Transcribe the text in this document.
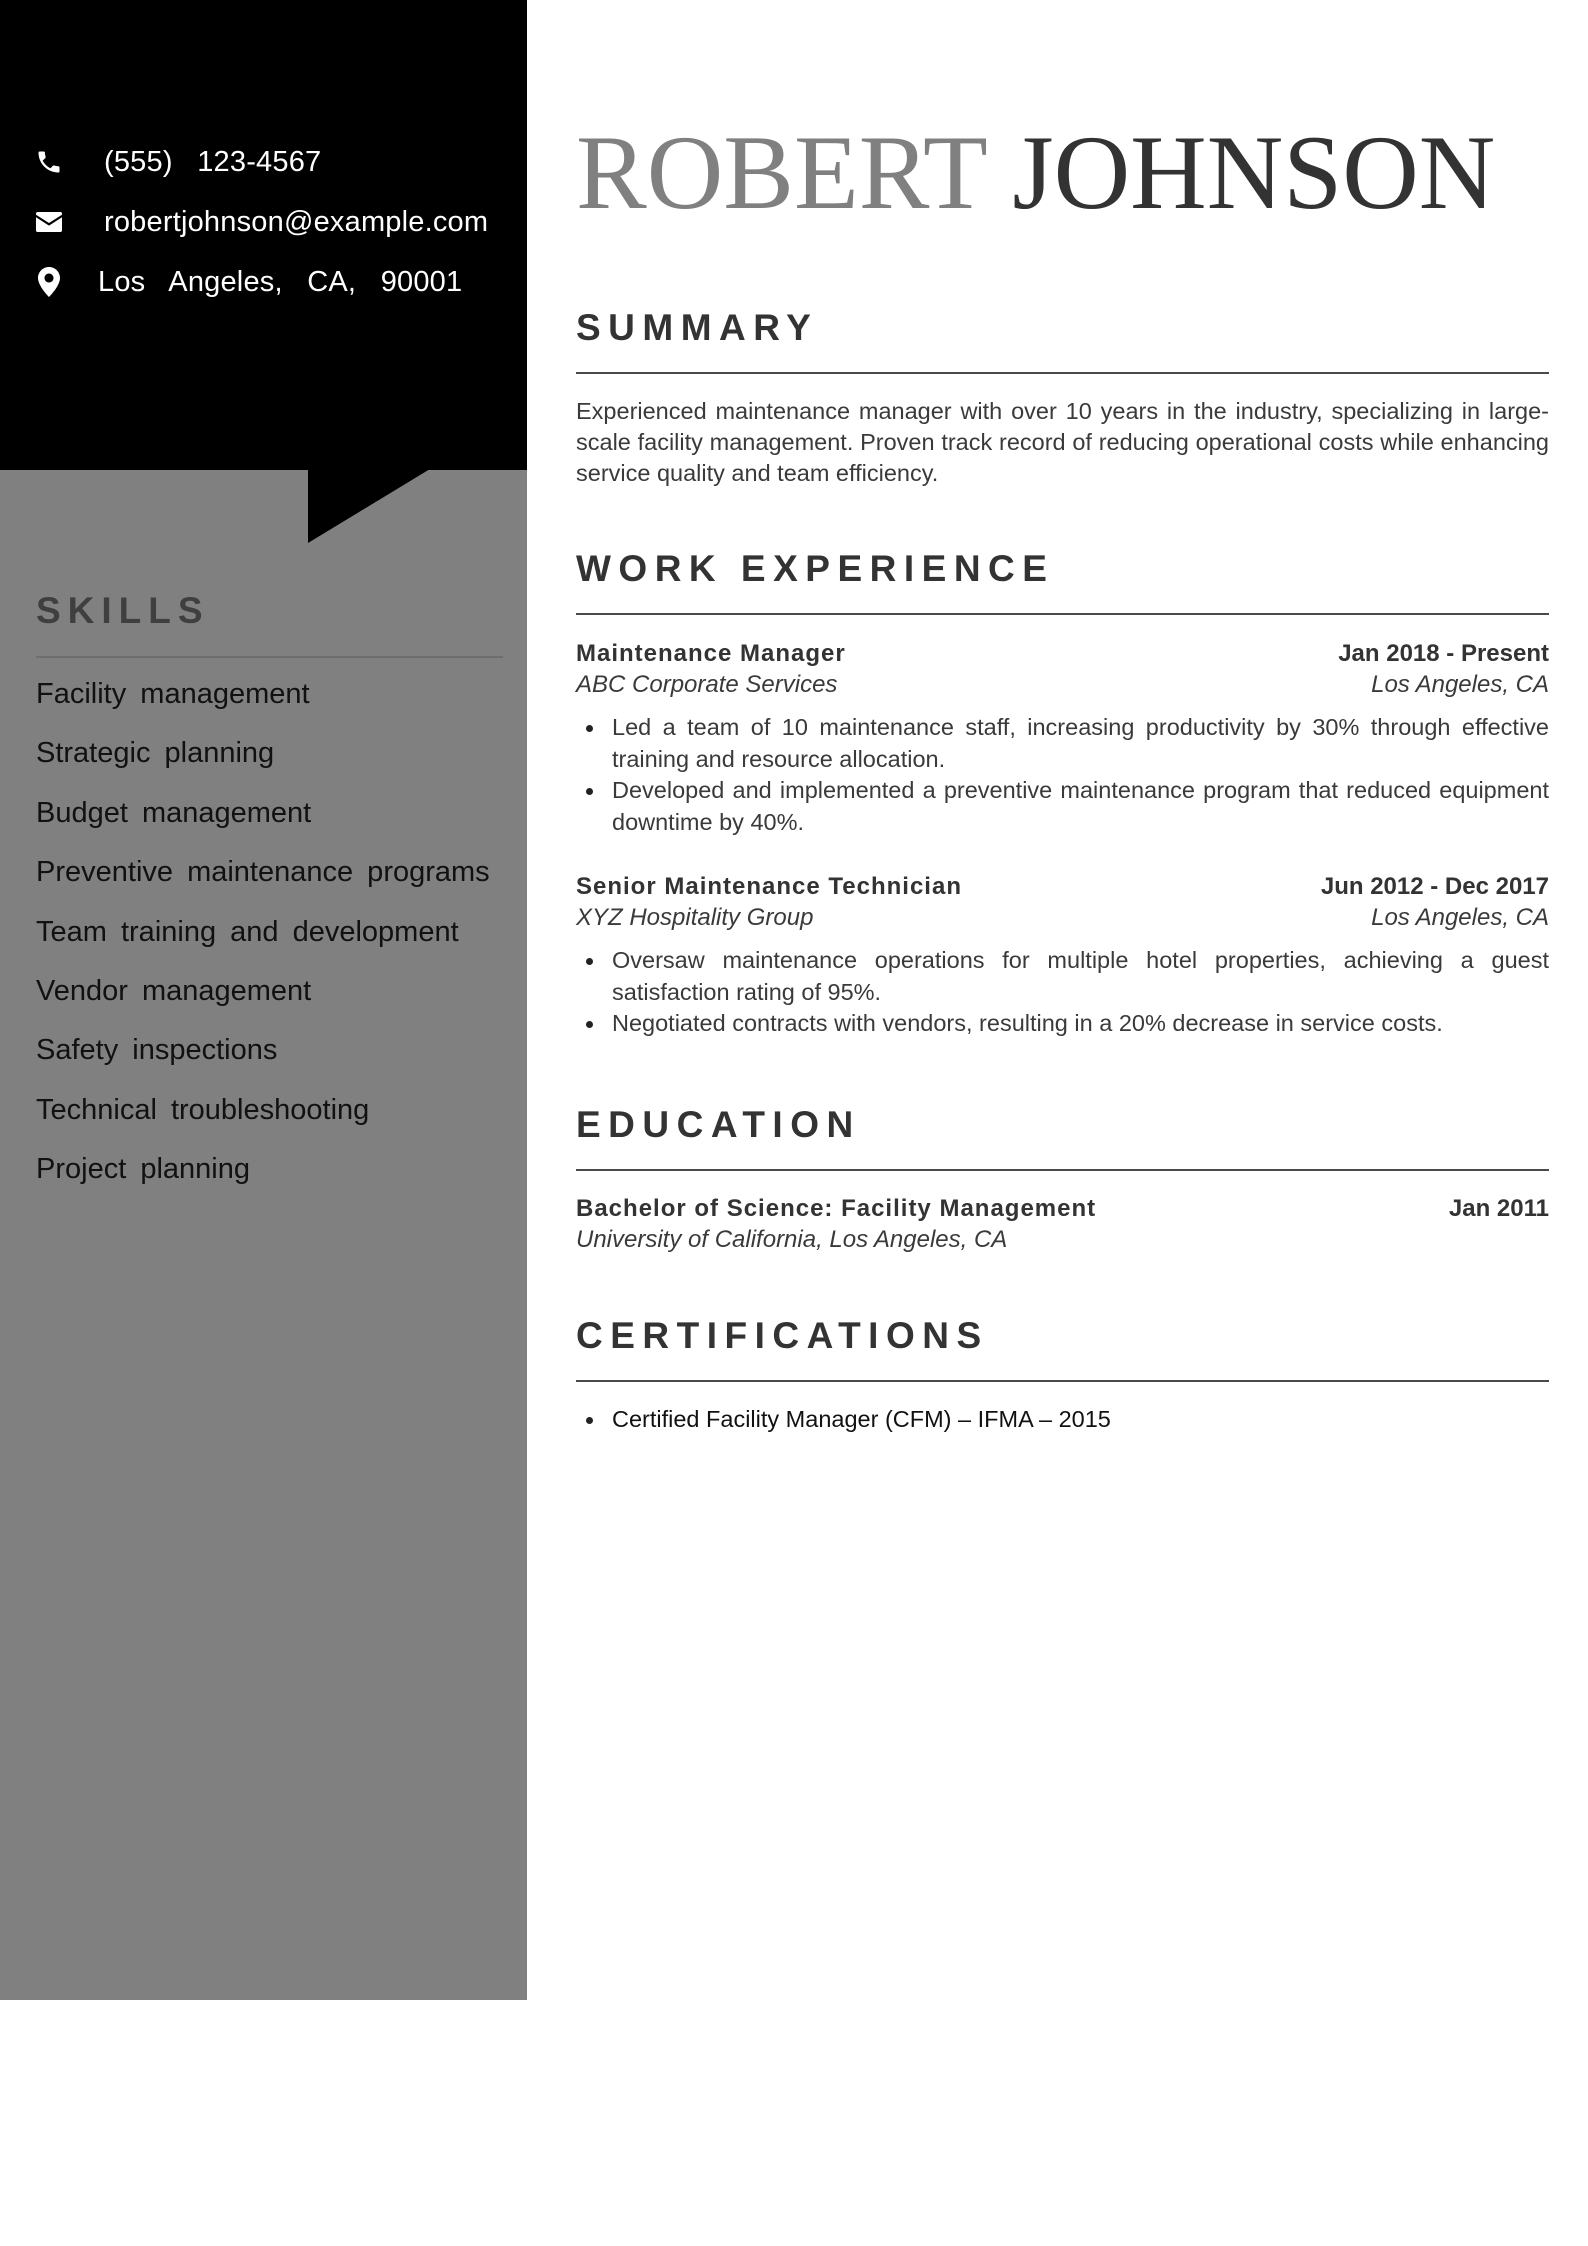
(555)  123-4567
robertjohnson@example.com
Los  Angeles,  CA,  90001
SKILLS
Facility management
Strategic planning
Budget management
Preventive maintenance programs
Team training and development
Vendor management
Safety inspections
Technical troubleshooting
Project planning
ROBERT JOHNSON
SUMMARY

Experienced maintenance manager with over 10 years in the industry, specializing in large-scale facility management. Proven track record of reducing operational costs while enhancing service quality and team efficiency.

WORK EXPERIENCE
Maintenance Manager	Jan 2018 - Present
ABC Corporate Services	Los Angeles, CA
Led a team of 10 maintenance staff, increasing productivity by 30% through effective training and resource allocation.
Developed and implemented a preventive maintenance program that reduced equipment downtime by 40%.
Senior Maintenance Technician	Jun 2012 - Dec 2017
XYZ Hospitality Group	Los Angeles, CA
Oversaw maintenance operations for multiple hotel properties, achieving a guest satisfaction rating of 95%.
Negotiated contracts with vendors, resulting in a 20% decrease in service costs.
EDUCATION
Bachelor of Science: Facility Management	Jan 2011
University of California, Los Angeles, CA
CERTIFICATIONS
Certified Facility Manager (CFM) – IFMA – 2015
